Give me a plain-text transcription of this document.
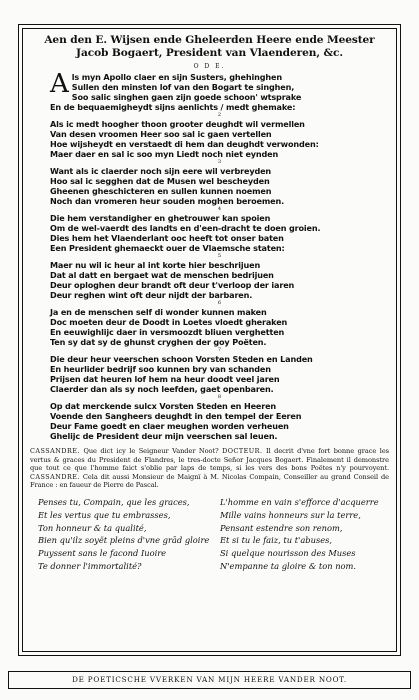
Aen den E. Wijsen ende Gheleerden Heere ende Meester
Jacob Bogaert, President van Vlaenderen, &c.
O D E.
A ls myn Apollo claer en sijn Susters, ghehinghen
Sullen den minsten lof van den Bogart te singhen,
Soo salic singhen gaen zijn goede schoon' wtsprake
En de bequaemigheydt sijns aenlichts / medt ghemake:
2
Als ic medt hoogher thoon grooter deughdt wil vermellen
Van desen vroomen Heer soo sal ic gaen vertellen
Hoe wijsheydt en verstaedt di hem dan deughdt verwonden:
Maer daer en sal ic soo myn Liedt noch niet eynden
3
Want als ic claerder noch sijn eere wil verbreyden
Hoo sal ic segghen dat de Musen wel bescheyden
Gheenen gheschicteren en sullen kunnen noemen
Noch dan vromeren heur souden moghen beroemen.
4
Die hem verstandigher en ghetrouwer kan spoien
Om de wel-vaerdt des landts en d'een-dracht te doen groien.
Dies hem het Vlaenderlant ooc heeft tot onser baten
Een President ghemaeckt ouer de Vlaemsche staten:
5
Maer nu wil ic heur al int korte hier beschrijuen
Dat al datt en bergaet wat de menschen bedrijuen
Deur oploghen deur brandt oft deur t'verloop der iaren
Deur reghen wint oft deur nijdt der barbaren.
6
Ja en de menschen self di wonder kunnen maken
Doc moeten deur de Doodt in Loetes vloedt gheraken
En eeuwighlijc daer in versmoozdt bliuen verghetten
Ten sy dat sy de ghunst cryghen der goy Poëten.
7
Die deur heur veerschen schoon Vorsten Steden en Landen
En heurlider bedrijf soo kunnen bry van schanden
Prijsen dat heuren lof hem na heur doodt veel jaren
Claerder dan als sy noch leefden, gaet openbaren.
8
Op dat merckende sulcx Vorsten Steden en Heeren
Voende den Sangheers deughdt in den tempel der Eeren
Deur Fame goedt en claer meughen worden verheuen
Ghelijc de President deur mijn veerschen sal leuen.
CASSANDRE. Que dict icy le Seigneur Vander Noot? DOCTEUR. Il decrit d'vne fort bonne grace les vertus & graces du President de Flandres, le tres-docte Señor Jacques Bogaert. Finalement il demonstre que tout ce que l'homme faict s'oblie par laps de temps, si les vers des bons Poëtes n'y pourvoyent. CASSANDRE. Cela dit aussi Monsieur de Maignï à M. Nicolas Compain, Conseiller au grand Conseil de France : en faueur de Pierre de Pascal.
Penses tu, Compain, que les graces,
Et les vertus que tu embrasses,
Ton honneur & ta qualité,
Bien qu'ilz soyët pleins d'vne grād gloire
Puyssent sans le facond Iuoire
Te donner l'immortalité?
L'homme en vain s'efforce d'acquerre
Mille vains honneurs sur la terre,
Pensant estendre son renom,
Et si tu le faiz, tu t'abuses,
Si quelque nourisson des Muses
N'empanne ta gloire & ton nom.
DE POETICSCHE VVERKEN VAN MIJN HEERE VANDER NOOT.
